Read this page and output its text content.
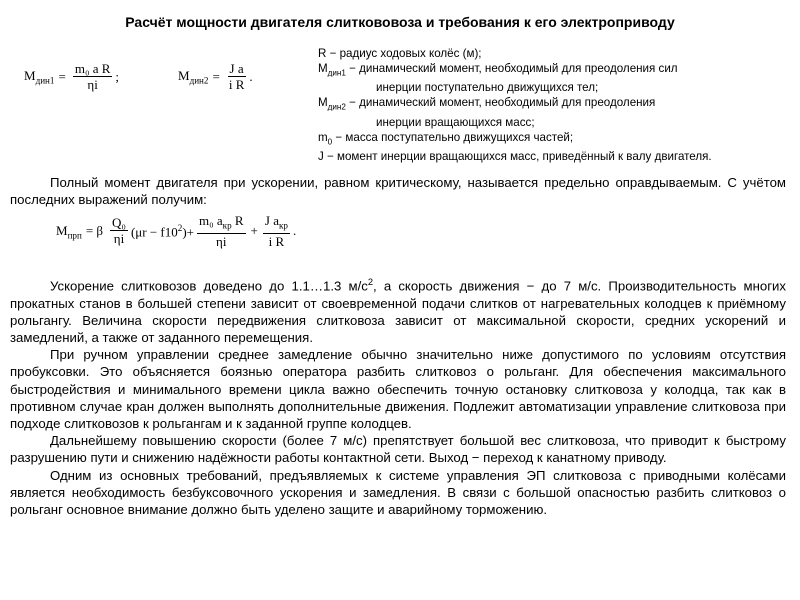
Расчёт мощности двигателя слиткововоза и требования к его электроприводу
$M_{дин1} = \frac{\text{m₀ a R}}{\eta i}$ ;	$M_{дин2} = \frac{\text{J a}}{\text{i R}}$ .
R − радиус ходовых колёс (м);
$M_{дин1}$ − динамический момент, необходимый для преодоления сил
инерции поступательно движущихся тел;
$M_{дин2}$ − динамический момент, необходимый для преодоления
инерции вращающихся масс;
$m_0$ − масса поступательно движущихся частей;
J − момент инерции вращающихся масс, приведённый к валу двигателя.

Полный момент двигателя при ускорении, равном критическому, называется предельно оправдываемым. С учётом последних выражений получим:

$M_{прп} = \beta \frac{\text{Q₀}}{\eta i} (\mu r - f10^2)+ \frac{m_0 a_{кр} R}{\eta i} + \frac{J a_{кр}}{\text{i R}}$ .

Ускорение слитковозов доведено до 1.1…1.3 $м/с^2$, а скорость движения − до 7 м/с. Производительность многих прокатных станов в большей степени зависит от своевременной подачи слитков от нагревательных колодцев к приёмному рольгангу. Величина скорости передвижения слитковоза зависит от максимальной скорости, средних ускорений и замедлений, а также от заданного перемещения.

При ручном управлении среднее замедление обычно значительно ниже допустимого по условиям отсутствия пробуксовки. Это объясняется боязнью оператора разбить слитковоз о рольганг. Для обеспечения максимального быстродействия и минимального времени цикла важно обеспечить точную остановку слитковоза у колодца, так как в противном случае кран должен выполнять дополнительные движения. Подлежит автоматизации управление слитковоза при подходе слитковозов к рольгангам и к заданной группе колодцев.

Дальнейшему повышению скорости (более 7 м/с) препятствует большой вес слитковоза, что приводит к быстрому разрушению пути и снижению надёжности работы контактной сети. Выход − переход к канатному приводу.

Одним из основных требований, предъявляемых к системе управления ЭП слитковоза с приводными колёсами является необходимость безбуксовочного ускорения и замедления. В связи с большой опасностью разбить слитковоз о рольганг основное внимание должно быть уделено защите и аварийному торможению.
